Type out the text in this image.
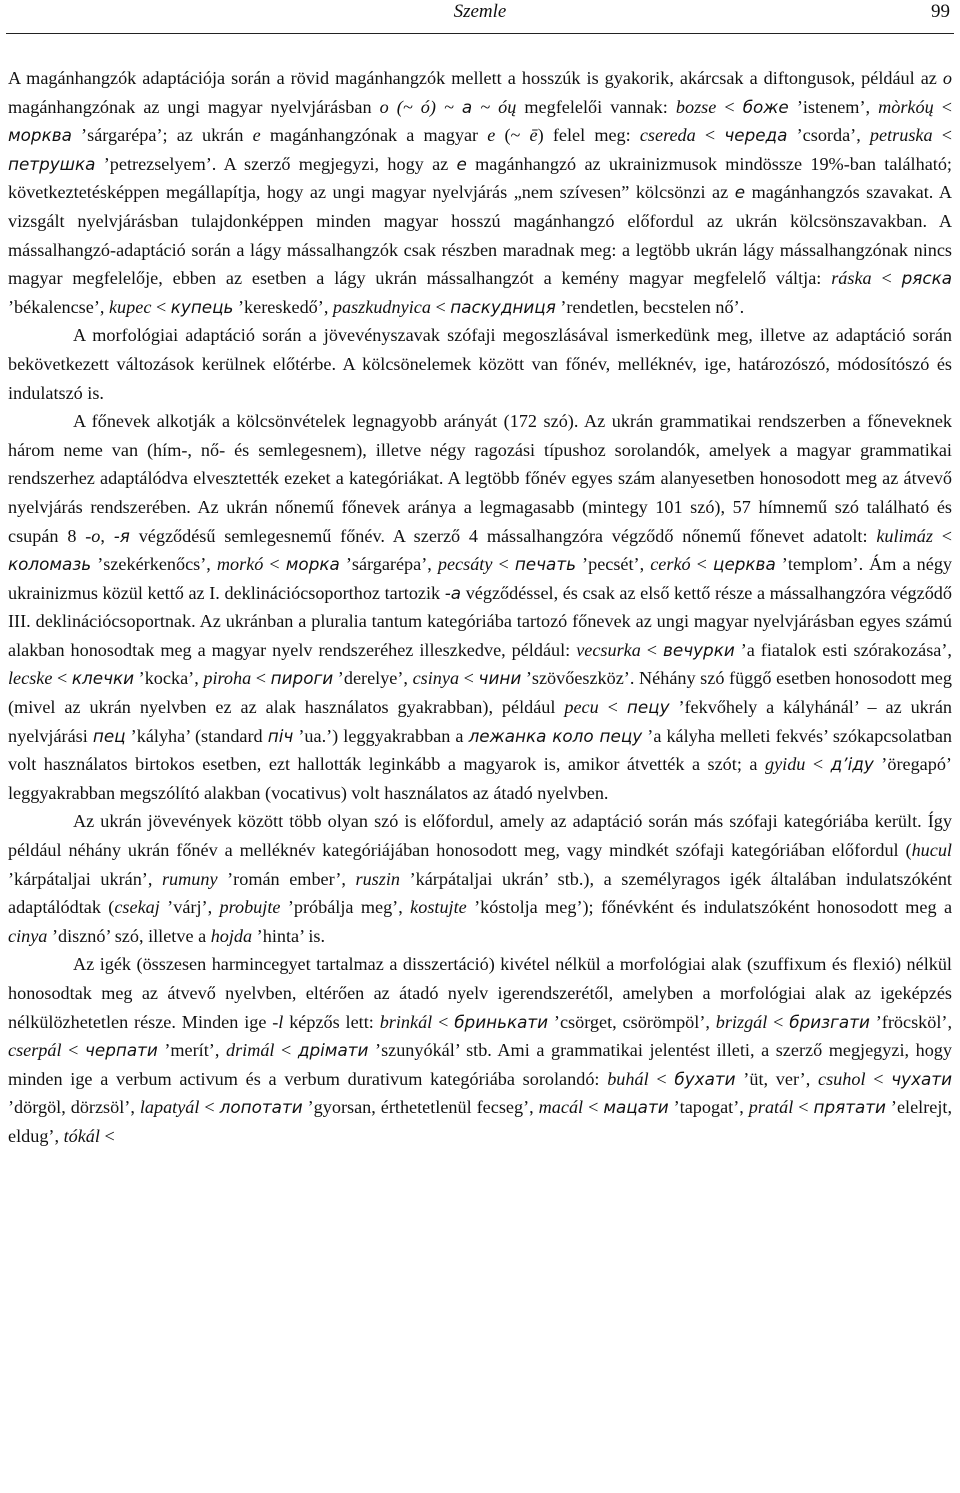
Szemle	99

A magánhangzók adaptációja során a rövid magánhangzók mellett a hosszúk is gyakorik, akárcsak a diftongusok, például az o magánhangzónak az ungi magyar nyelvjárásban o (~ ó) ~ а ~ óų megfelelői vannak: bozse < боже ’istenem’, mòrkóų < морква ’sárgarépa’; az ukrán e magánhangzónak a magyar e (~ ē) felel meg: csereda < череда ’csorda’, petruska < петрушка ’petrezselyem’. A szerző megjegyzi, hogy az е magánhangzó az ukrainizmusok mindössze 19%-ban található; következtetésképpen megállapítja, hogy az ungi magyar nyelvjárás „nem szívesen” kölcsönzi az е magánhangzós szavakat. A vizsgált nyelvjárásban tulajdonképpen minden magyar hosszú magánhangzó előfordul az ukrán kölcsönszavakban. A mássalhangzó-adaptáció során a lágy mássalhangzók csak részben maradnak meg: a legtöbb ukrán lágy mássalhangzónak nincs magyar megfelelője, ebben az esetben a lágy ukrán mássalhangzót a kemény magyar megfelelő váltja: ráska < ряска ’békalencse’, kupec < купець ’kereskedő’, paszkudnyica < паскудниця ’rendetlen, becstelen nő’.

A morfológiai adaptáció során a jövevényszavak szófaji megoszlásával ismerkedünk meg, illetve az adaptáció során bekövetkezett változások kerülnek előtérbe. A kölcsönelemek között van főnév, melléknév, ige, határozószó, módosítószó és indulatszó is.

A főnevek alkotják a kölcsönvételek legnagyobb arányát (172 szó). Az ukrán grammatikai rendszerben a főneveknek három neme van (hím-, nő- és semlegesnem), illetve négy ragozási típushoz sorolandók, amelyek a magyar grammatikai rendszerhez adaptálódva elvesztették ezeket a kategóriákat. A legtöbb főnév egyes szám alanyesetben honosodott meg az átvevő nyelvjárás rendszerében. Az ukrán nőnemű főnevek aránya a legmagasabb (mintegy 101 szó), 57 hímnemű szó található és csupán 8 -o, -я végződésű semlegesnemű főnév. A szerző 4 mássalhangzóra végződő nőnemű főnevet adatolt: kulimáz < коломазь ’szekérkenőcs’, morkó < морка ’sárgarépa’, pecsáty < печать ’pecsét’, cerkó < церква ’templom’. Ám a négy ukrainizmus közül kettő az I. deklinációcsoporthoz tartozik -а végződéssel, és csak az első kettő része a mássalhangzóra végződő III. deklinációcsoportnak. Az ukránban a pluralia tantum kategóriába tartozó főnevek az ungi magyar nyelvjárásban egyes számú alakban honosodtak meg a magyar nyelv rendszeréhez illeszkedve, például: vecsurka < вечурки ’a fiatalok esti szórakozása’, lecske < клечки ’kocka’, piroha < пироги ’derelye’, csinya < чини ’szövőeszköz’. Néhány szó függő esetben honosodott meg (mivel az ukrán nyelvben ez az alak használatos gyakrabban), például pecu < пецу ’fekvőhely a kályhánál’ – az ukrán nyelvjárási пец ’kályha’ (standard піч ’ua.’) leggyakrabban a лежанка коло пецу ’a kályha melleti fekvés’ szókapcsolatban volt használatos birtokos esetben, ezt hallották leginkább a magyarok is, amikor átvették a szót; a gyidu < д’іду ’öregapó’ leggyakrabban megszólító alakban (vocativus) volt használatos az átadó nyelvben.

Az ukrán jövevények között több olyan szó is előfordul, amely az adaptáció során más szófaji kategóriába került. Így például néhány ukrán főnév a melléknév kategóriájában honosodott meg, vagy mindkét szófaji kategóriában előfordul (hucul ’kárpátaljai ukrán’, rumuny ’román ember’, ruszin ’kárpátaljai ukrán’ stb.), a személyragos igék általában indulatszóként adaptálódtak (csekaj ’várj’, probujte ’próbálja meg’, kostujte ’kóstolja meg’); főnévként és indulatszóként honosodott meg a cinya ’disznó’ szó, illetve a hojda ’hinta’ is.

Az igék (összesen harmincegyet tartalmaz a disszertáció) kivétel nélkül a morfológiai alak (szuffixum és flexió) nélkül honosodtak meg az átvevő nyelvben, eltérően az átadó nyelv igerendszerétől, amelyben a morfológiai alak az igeképzés nélkülözhetetlen része. Minden ige -l képzős lett: brinkál < бринькати ’csörget, csörömpöl’, brizgál < бризгати ’fröcsköl’, cserpál < черпати ’merít’, drimál < дрімати ’szunyókál’ stb. Ami a grammatikai jelentést illeti, a szerző megjegyzi, hogy minden ige a verbum activum és a verbum durativum kategóriába sorolandó: buhál < бухати ’üt, ver’, csuhol < чухати ’dörgöl, dörzsöl’, lapatyál < лопотати ’gyorsan, érthetetlenül fecseg’, macál < мацати ’tapogat’, pratál < прятати ’elelrejt, eldug’, tókál <
